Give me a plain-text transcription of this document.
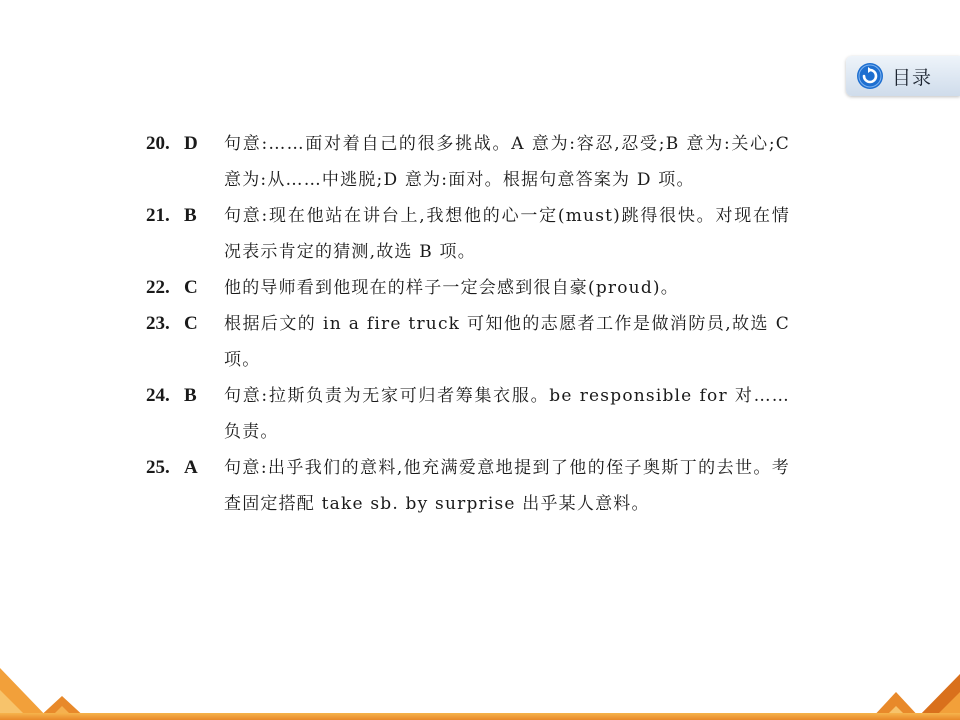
目录
20. D	句意:……面对着自己的很多挑战。A 意为:容忍,忍受;B 意为:关心;C 意为:从……中逃脱;D 意为:面对。根据句意答案为 D 项。
21. B	句意:现在他站在讲台上,我想他的心一定(must)跳得很快。对现在情况表示肯定的猜测,故选 B 项。
22. C	他的导师看到他现在的样子一定会感到很自豪(proud)。
23. C	根据后文的 in a fire truck 可知他的志愿者工作是做消防员,故选 C 项。
24. B	句意:拉斯负责为无家可归者筹集衣服。be responsible for 对……负责。
25. A	句意:出乎我们的意料,他充满爱意地提到了他的侄子奥斯丁的去世。考查固定搭配 take sb. by surprise 出乎某人意料。
